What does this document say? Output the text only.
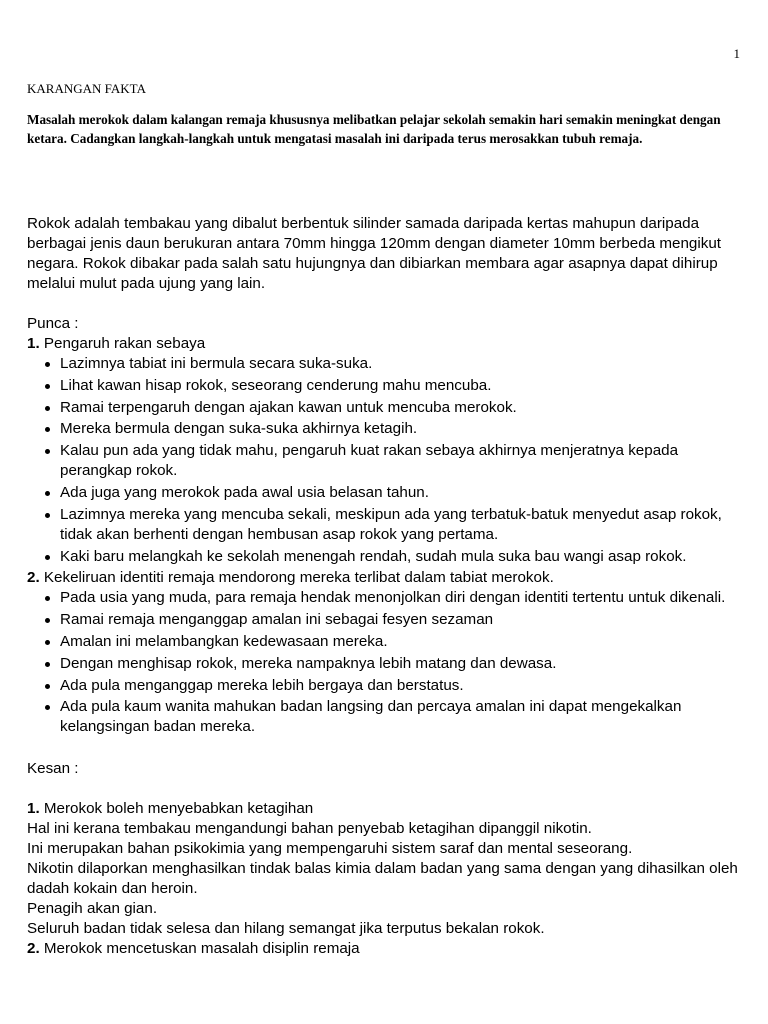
1
KARANGAN FAKTA

Masalah merokok dalam kalangan remaja khususnya melibatkan pelajar sekolah semakin hari semakin meningkat dengan ketara. Cadangkan langkah-langkah untuk mengatasi masalah ini daripada terus merosakkan tubuh remaja.

Rokok adalah tembakau yang dibalut berbentuk silinder samada daripada kertas mahupun daripada berbagai jenis daun berukuran antara 70mm hingga 120mm dengan diameter 10mm berbeda mengikut negara. Rokok dibakar pada salah satu hujungnya dan dibiarkan membara agar asapnya dapat dihirup melalui mulut pada ujung yang lain.

Punca :
1. Pengaruh rakan sebaya
Lazimnya tabiat ini bermula secara suka-suka.
Lihat kawan hisap rokok, seseorang cenderung mahu mencuba.
Ramai terpengaruh dengan ajakan kawan untuk mencuba merokok.
Mereka bermula dengan suka-suka akhirnya ketagih.
Kalau pun ada yang tidak mahu, pengaruh kuat rakan sebaya akhirnya menjeratnya kepada perangkap rokok.
Ada juga yang merokok pada awal usia belasan tahun.
Lazimnya mereka yang mencuba sekali, meskipun ada yang terbatuk-batuk menyedut asap rokok, tidak akan berhenti dengan hembusan asap rokok yang pertama.
Kaki baru melangkah ke sekolah menengah rendah, sudah mula suka bau wangi asap rokok.
2. Kekeliruan identiti remaja mendorong mereka terlibat dalam tabiat merokok.
Pada usia yang muda, para remaja hendak menonjolkan diri dengan identiti tertentu untuk dikenali.
Ramai remaja menganggap amalan ini sebagai fesyen sezaman
Amalan ini melambangkan kedewasaan mereka.
Dengan menghisap rokok, mereka nampaknya lebih matang dan dewasa.
Ada pula menganggap mereka lebih bergaya dan berstatus.
Ada pula kaum wanita mahukan badan langsing dan percaya amalan ini dapat mengekalkan kelangsingan badan mereka.
Kesan :
1. Merokok boleh menyebabkan ketagihan

Hal ini kerana tembakau mengandungi bahan penyebab ketagihan dipanggil nikotin.

Ini merupakan bahan psikokimia yang mempengaruhi sistem saraf dan mental seseorang.

Nikotin dilaporkan menghasilkan tindak balas kimia dalam badan yang sama dengan yang dihasilkan oleh dadah kokain dan heroin.

Penagih akan gian.

Seluruh badan tidak selesa dan hilang semangat jika terputus bekalan rokok.

2. Merokok mencetuskan masalah disiplin remaja
